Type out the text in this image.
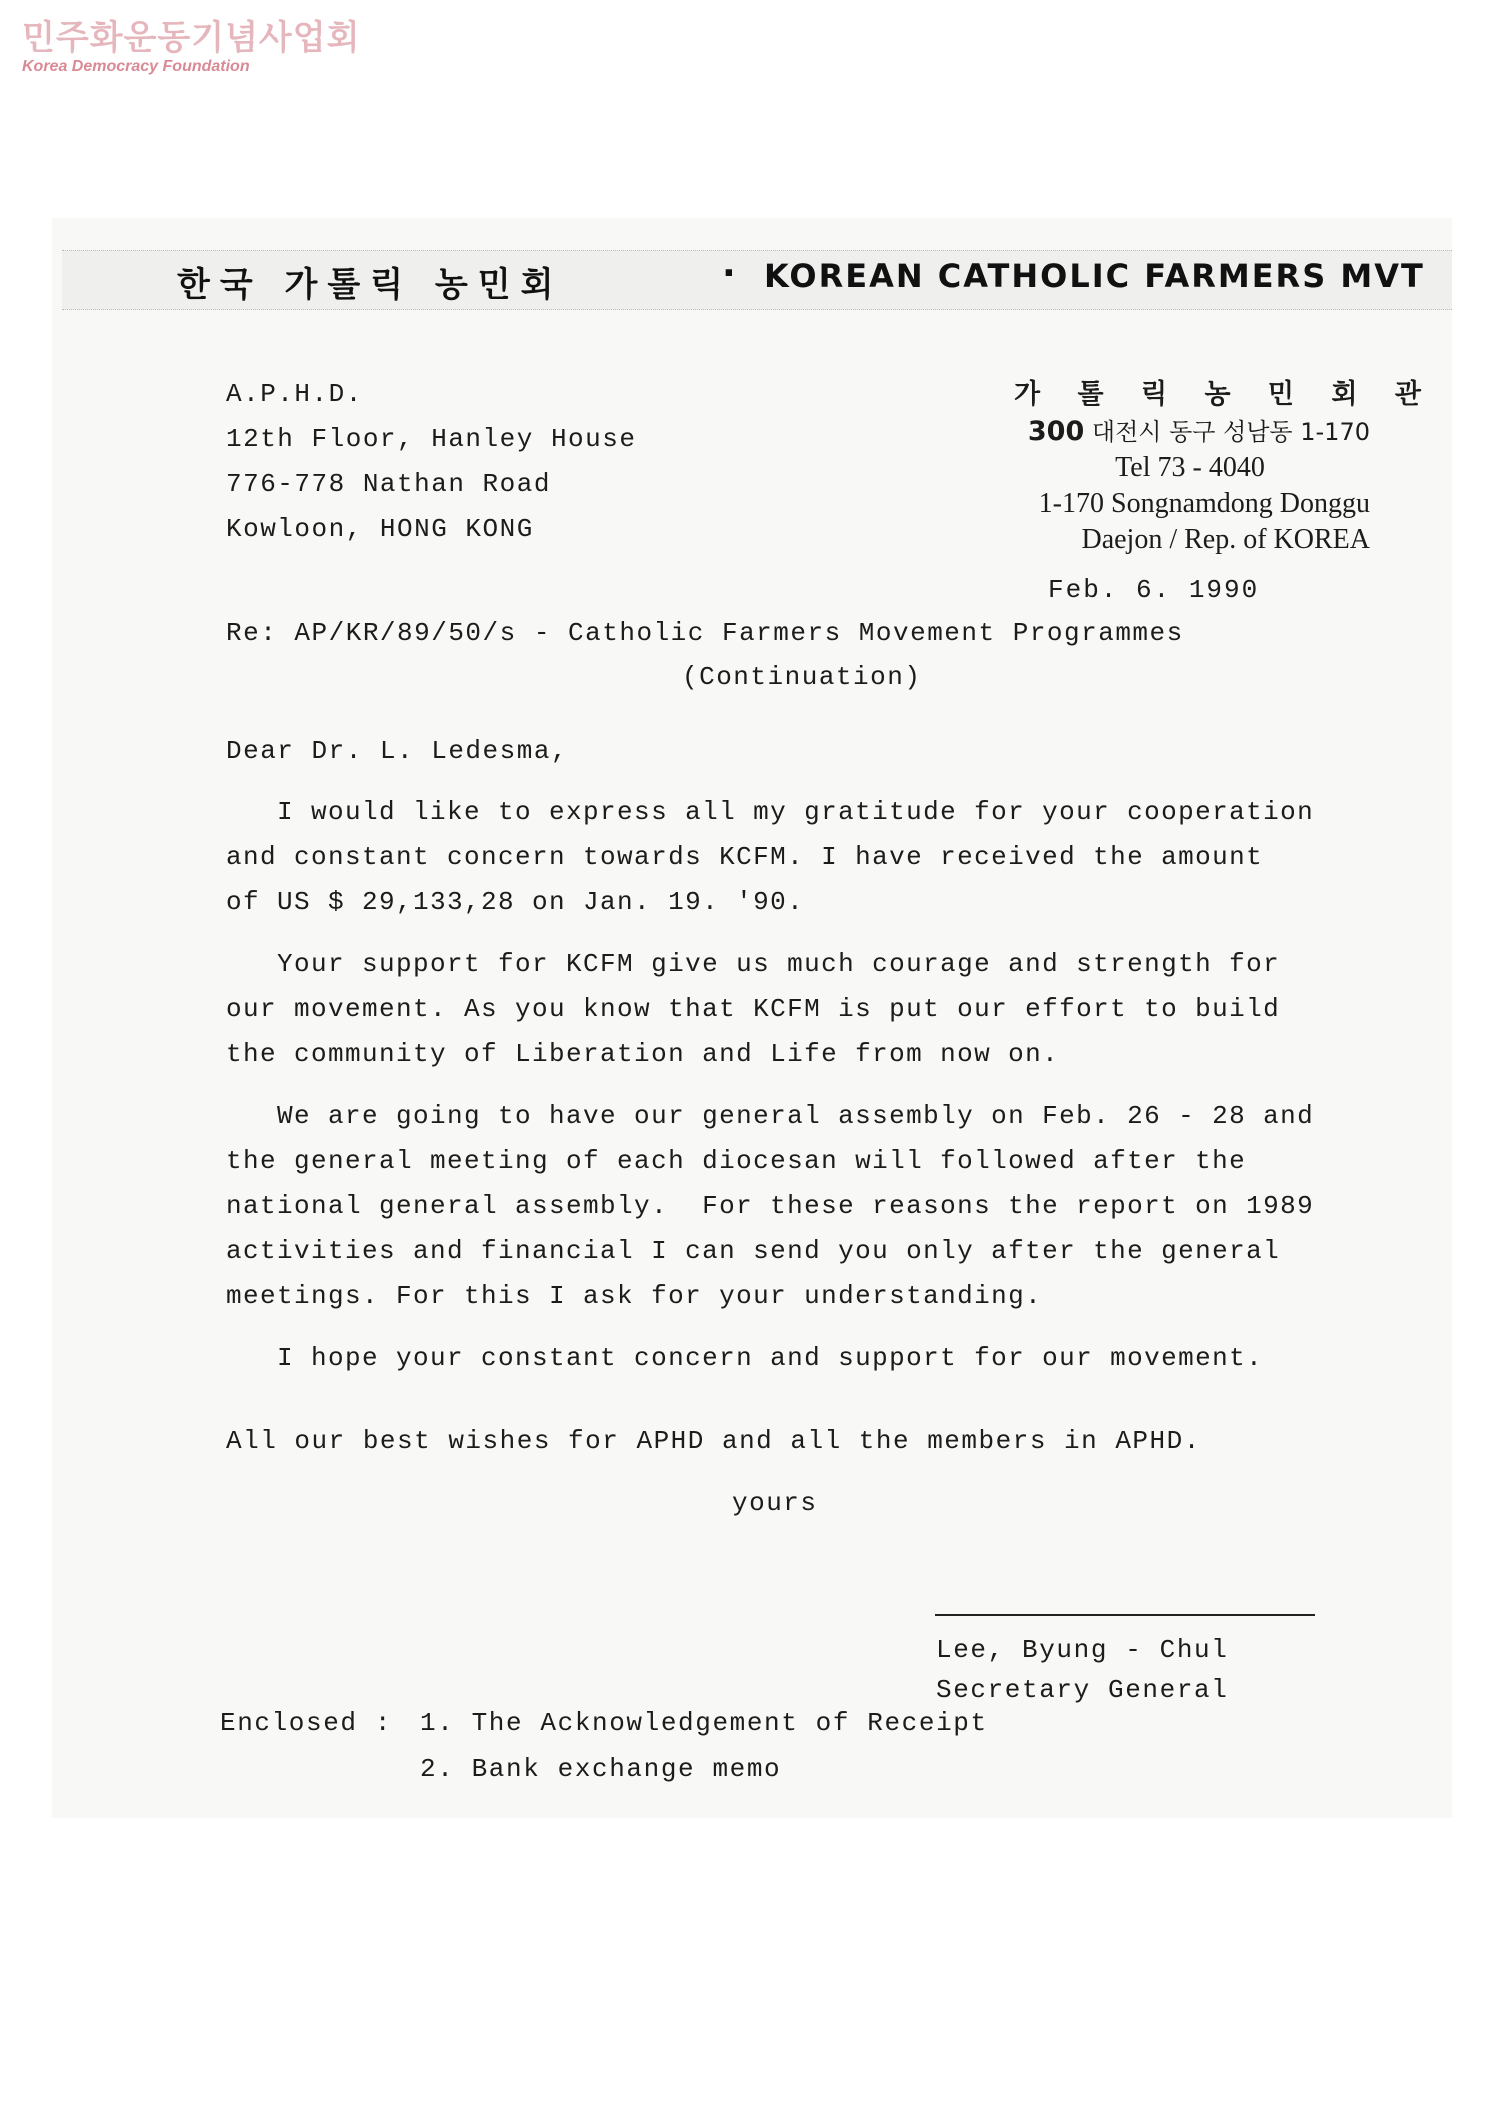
민주화운동기념사업회
Korea Democracy Foundation
한국 가톨릭 농민회	· KOREAN CATHOLIC FARMERS MVT
A.P.H.D.
12th Floor, Hanley House
776-778 Nathan Road
Kowloon, HONG KONG
가 톨 릭 농 민 회 관
300 대전시 동구 성남동 1-170
Tel 73 - 4040
1-170 Songnamdong Donggu
Daejon / Rep. of KOREA
Feb. 6. 1990
Re: AP/KR/89/50/s - Catholic Farmers Movement Programmes
(Continuation)
Dear Dr. L. Ledesma,
I would like to express all my gratitude for your cooperation
and constant concern towards KCFM. I have received the amount
of US $ 29,133,28 on Jan. 19. '90.
Your support for KCFM give us much courage and strength for
our movement. As you know that KCFM is put our effort to build
the community of Liberation and Life from now on.
We are going to have our general assembly on Feb. 26 - 28 and
the general meeting of each diocesan will followed after the
national general assembly.  For these reasons the report on 1989
activities and financial I can send you only after the general
meetings. For this I ask for your understanding.
I hope your constant concern and support for our movement.
All our best wishes for APHD and all the members in APHD.
yours
Lee, Byung - Chul
Secretary General
Enclosed : 1. The Acknowledgement of Receipt
2. Bank exchange memo
